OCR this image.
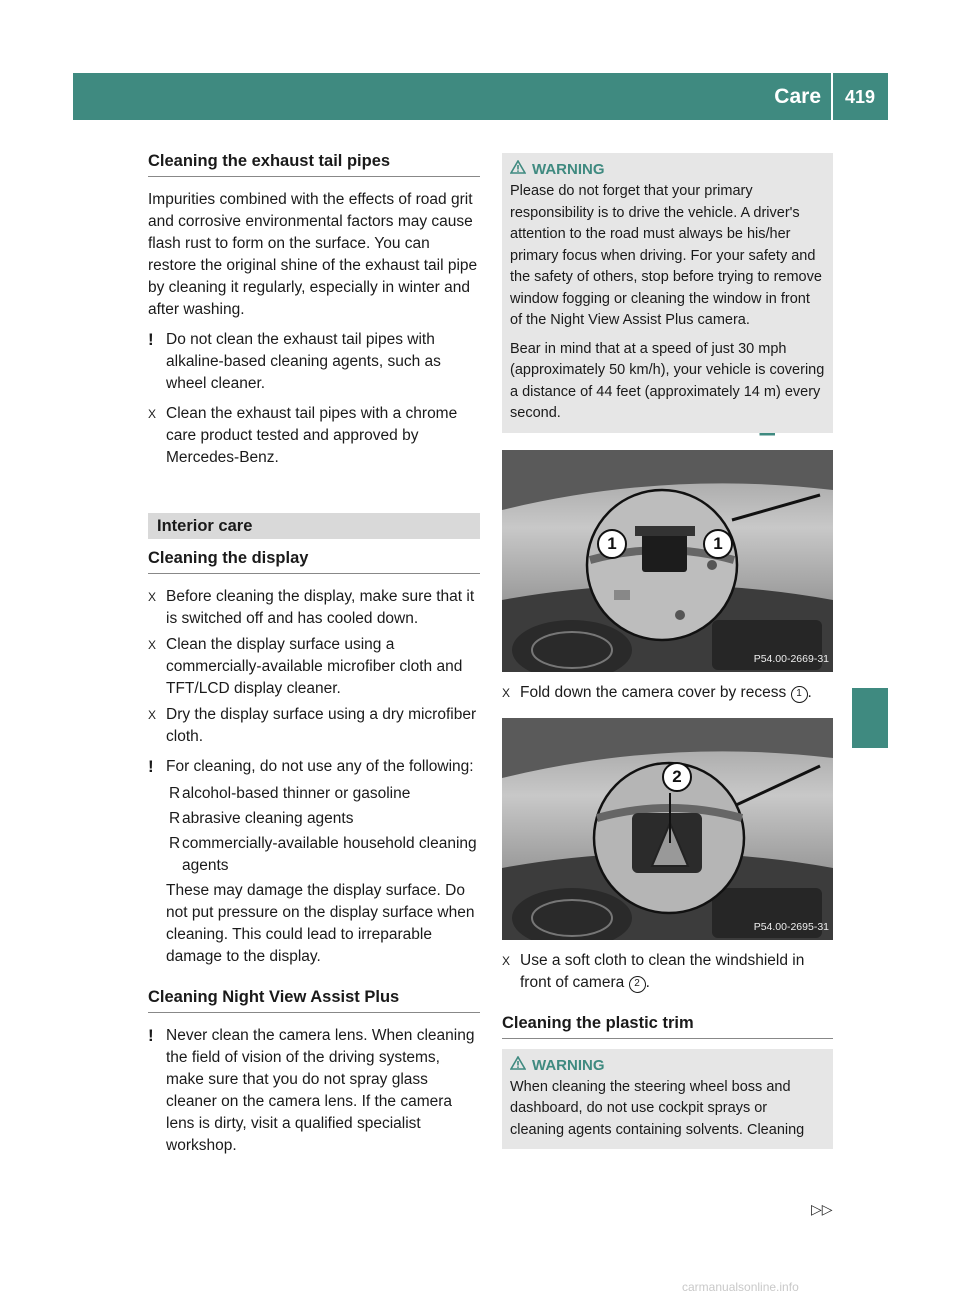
Care	419
Cleaning the exhaust tail pipes

Impurities combined with the effects of road grit and corrosive environmental factors may cause flash rust to form on the surface. You can restore the original shine of the exhaust tail pipe by cleaning it regularly, especially in winter and after washing.

! Do not clean the exhaust tail pipes with alkaline-based cleaning agents, such as wheel cleaner.
X Clean the exhaust tail pipes with a chrome care product tested and approved by Mercedes-Benz.
Interior care
Cleaning the display
X Before cleaning the display, make sure that it is switched off and has cooled down.
X Clean the display surface using a commercially-available microfiber cloth and TFT/LCD display cleaner.
X Dry the display surface using a dry microfiber cloth.
! For cleaning, do not use any of the following:
R alcohol-based thinner or gasoline
R abrasive cleaning agents
R commercially-available household cleaning agents
These may damage the display surface. Do not put pressure on the display surface when cleaning. This could lead to irreparable damage to the display.
Cleaning Night View Assist Plus
! Never clean the camera lens. When cleaning the field of vision of the driving systems, make sure that you do not spray glass cleaner on the camera lens. If the camera lens is dirty, visit a qualified specialist workshop.
WARNING

Please do not forget that your primary responsibility is to drive the vehicle. A driver's attention to the road must always be his/her primary focus when driving. For your safety and the safety of others, stop before trying to remove window fogging or cleaning the window in front of the Night View Assist Plus camera.

Bear in mind that at a speed of just 30 mph (approximately 50 km/h), your vehicle is covering a distance of 44 feet (approximately 14 m) every second.

1	1
P54.00-2669-31
X Fold down the camera cover by recess 1 .
2
P54.00-2695-31
X Use a soft cloth to clean the windshield in front of camera 2 .
Cleaning the plastic trim
WARNING

When cleaning the steering wheel boss and dashboard, do not use cockpit sprays or cleaning agents containing solvents. Cleaning

▷▷
carmanualsonline.info
